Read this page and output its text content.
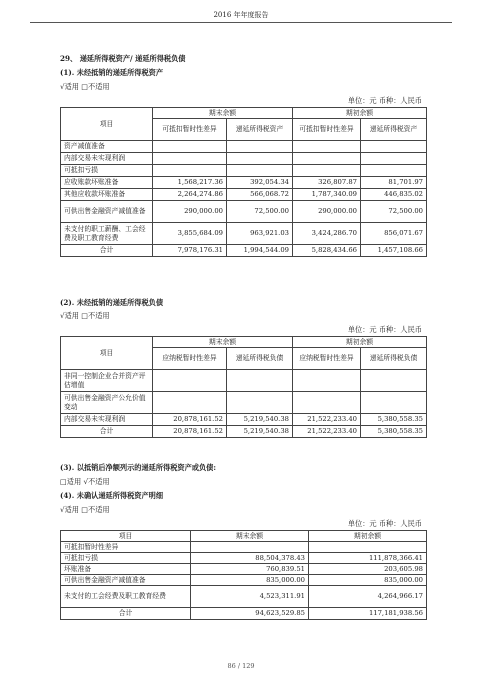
2016 年年度报告
29、 递延所得税资产/ 递延所得税负债
(1). 未经抵销的递延所得税资产
√适用 □不适用
单位：元 币种：人民币
项目	期末余额		期初余额	
	可抵扣暂时性差异	递延所得税资产	可抵扣暂时性差异	递延所得税资产
资产减值准备				
内部交易未实现利润				
可抵扣亏损				
应收账款坏账准备	1,568,217.36	392,054.34	326,807.87	81,701.97
其他应收款坏账准备	2,264,274.86	566,068.72	1,787,340.09	446,835.02
可供出售金融资产减值准备	290,000.00	72,500.00	290,000.00	72,500.00
未支付的职工薪酬、工会经费及职工教育经费	3,855,684.09	963,921.03	3,424,286.70	856,071.67
合计	7,978,176.31	1,994,544.09	5,828,434.66	1,457,108.66
(2). 未经抵销的递延所得税负债
√适用 □不适用
单位：元 币种：人民币
项目	期末余额		期初余额	
	应纳税暂时性差异	递延所得税负债	应纳税暂时性差异	递延所得税负债
非同一控制企业合并资产评估增值				
可供出售金融资产公允价值变动				
内部交易未实现利润	20,878,161.52	5,219,540.38	21,522,233.40	5,380,558.35
合计	20,878,161.52	5,219,540.38	21,522,233.40	5,380,558.35
(3). 以抵销后净额列示的递延所得税资产或负债:
□适用 √不适用
(4). 未确认递延所得税资产明细
√适用 □不适用
单位：元 币种：人民币
项目	期末余额	期初余额
可抵扣暂时性差异		
可抵扣亏损	88,504,378.43	111,878,366.41
坏账准备	760,839.51	203,605.98
可供出售金融资产减值准备	835,000.00	835,000.00
未支付的工会经费及职工教育经费	4,523,311.91	4,264,966.17
合计	94,623,529.85	117,181,938.56
86 / 129
